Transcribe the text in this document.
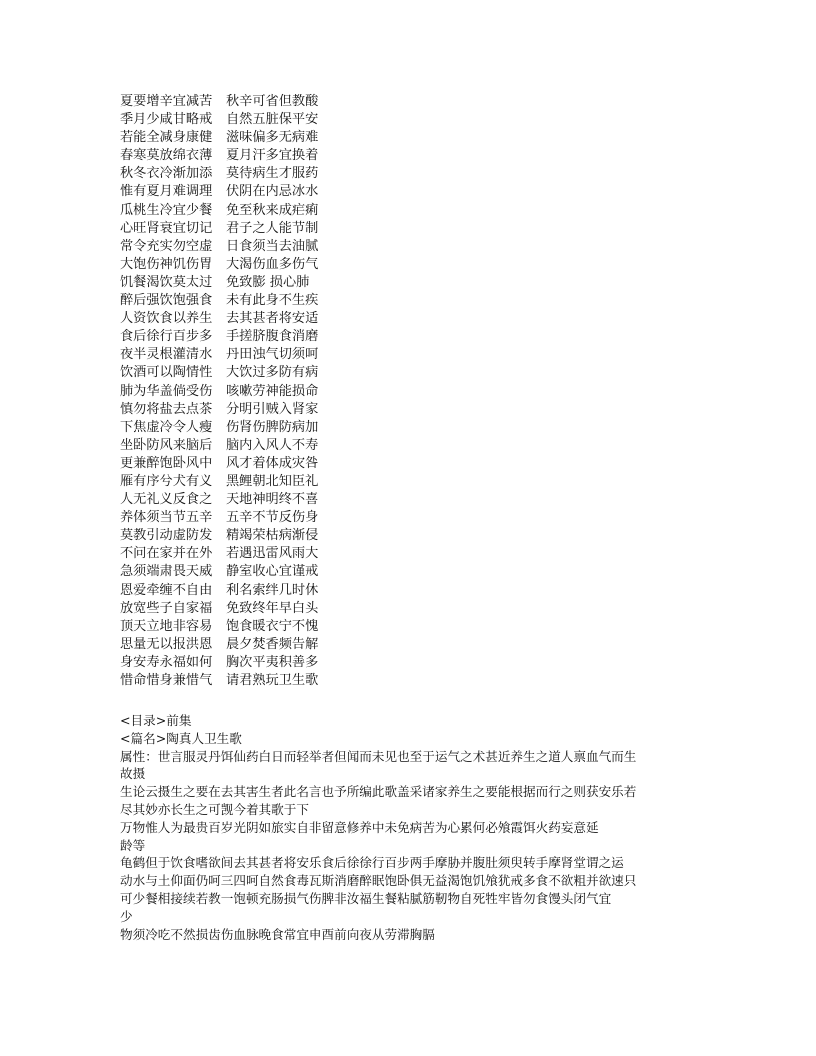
夏要增辛宜减苦 秋辛可省但教酸
季月少咸甘略戒 自然五脏保平安
若能全减身康健 滋味偏多无病难
春寒莫放绵衣薄 夏月汗多宜换着
秋冬衣冷渐加添 莫待病生才服药
惟有夏月难调理 伏阴在内忌冰水
瓜桃生冷宜少餐 免至秋来成疟痢
心旺肾衰宜切记 君子之人能节制
常令充实勿空虚 日食须当去油腻
大饱伤神饥伤胃 大渴伤血多伤气
饥餐渴饮莫太过 免致膨 损心肺
醉后强饮饱强食 未有此身不生疾
人资饮食以养生 去其甚者将安适
食后徐行百步多 手搓脐腹食消磨
夜半灵根灌清水 丹田浊气切须呵
饮酒可以陶情性 大饮过多防有病
肺为华盖倘受伤 咳嗽劳神能损命
慎勿将盐去点茶 分明引贼入肾家
下焦虚冷令人瘦 伤肾伤脾防病加
坐卧防风来脑后 脑内入风人不寿
更兼醉饱卧风中 风才着体成灾咎
雁有序兮犬有义 黑鲤朝北知臣礼
人无礼义反食之 天地神明终不喜
养体须当节五辛 五辛不节反伤身
莫教引动虚防发 精竭荣枯病渐侵
不问在家并在外 若遇迅雷风雨大
急须端肃畏天威 静室收心宜谨戒
恩爱牵缠不自由 利名索绊几时休
放宽些子自家福 免致终年早白头
顶天立地非容易 饱食暖衣宁不愧
思量无以报洪恩 晨夕焚香频告解
身安寿永福如何 胸次平夷积善多
惜命惜身兼惜气 请君熟玩卫生歌
<目录>前集
<篇名>陶真人卫生歌
属性：世言服灵丹饵仙药白日而轻举者但闻而未见也至于运气之术甚近养生之道人禀血气而生
故摄
生论云摄生之要在去其害生者此名言也予所编此歌盖采诸家养生之要能根据而行之则获安乐若
尽其妙亦长生之可觊今着其歌于下
万物惟人为最贵百岁光阴如旅实自非留意修养中未免病苦为心累何必飧霞饵火药妄意延
龄等
龟鹤但于饮食嗜欲间去其甚者将安乐食后徐徐行百步两手摩胁并腹肚须臾转手摩肾堂谓之运
动水与土仰面仍呵三四呵自然食毒瓦斯消磨醉眠饱卧俱无益渴饱饥飧犹戒多食不欲粗并欲速只
可少餐相接续若教一饱顿充肠损气伤脾非汝福生餐粘腻筋靭物自死牲牢皆勿食馒头闭气宜
少
物须冷吃不然损齿伤血脉晚食常宜申酉前向夜从劳滞胸膈
